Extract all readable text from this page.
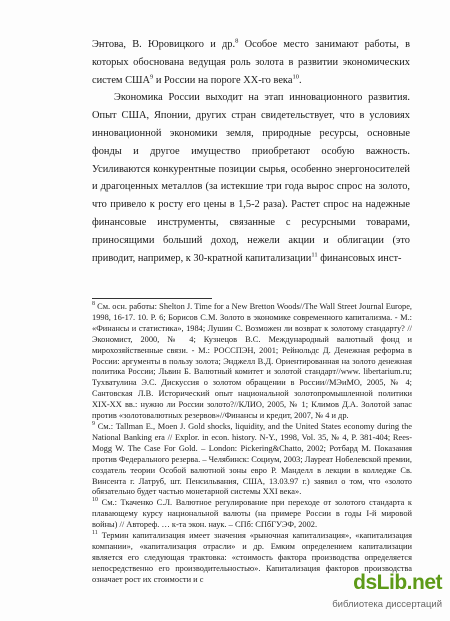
Энтова, В. Юровицкого и др.$^8$ Особое место занимают работы, в которых обоснована ведущая роль золота в развитии экономических систем США$^9$ и России на пороге XX-го века$^{10}$.

Экономика России выходит на этап инновационного развития. Опыт США, Японии, других стран свидетельствует, что в условиях инновационной экономики земля, природные ресурсы, основные фонды и другое имущество приобретают особую важность. Усиливаются конкурентные позиции сырья, особенно энергоносителей и драгоценных металлов (за истекшие три года вырос спрос на золото, что привело к росту его цены в 1,5-2 раза). Растет спрос на надежные финансовые инструменты, связанные с ресурсными товарами, приносящими больший доход, нежели акции и облигации (это приводит, например, к 30-кратной капитализации$^{11}$ финансовых инст-

$^8$ См. осн. работы: Shelton J. Time for a New Bretton Woods//The Wall Street Journal Europe, 1998, 16-17. 10. P. 6; Борисов С.М. Золото в экономике современного капитализма. - М.: «Финансы и статистика», 1984; Лушин С. Возможен ли возврат к золотому стандарту? // Экономист, 2000, № 4; Кузнецов В.С. Международный валютный фонд и мирохозяйственные связи. - М.: РОССПЭН, 2001; Рейнольдс Д. Денежная реформа в России: аргументы в пользу золота; Энджелл В.Д. Ориентированная на золото денежная политика России; Львин Б. Валютный комитет и золотой стандарт//www. libertarium.ru; Тухватулина Э.С. Дискуссия о золотом обращении в России//МЭиМО, 2005, № 4; Сантовская Л.В. Исторический опыт национальной золотопромышленной политики XIX-XX вв.: нужно ли России золото?//КЛИО, 2005, № 1; Климов Д.А. Золотой запас против «золотовалютных резервов»//Финансы и кредит, 2007, № 4 и др.

$^9$ См.: Tallman E., Moen J. Gold shocks, liquidity, and the United States economy during the National Banking era // Explor. in econ. history. N-Y., 1998, Vol. 35, № 4, P. 381-404; Rees-Mogg W. The Case For Gold. – London: Pickering&Chatto, 2002; Ротбард М. Показания против Федерального резерва. – Челябинск: Социум, 2003; Лауреат Нобелевской премии, создатель теории Особой валютной зоны евро Р. Манделл в лекции в колледже Св. Винсента г. Латруб, шт. Пенсильвания, США, 13.03.97 г.) заявил о том, что «золото обязательно будет частью монетарной системы XXI века».

$^{10}$ См.: Ткаченко С.Л. Валютное регулирование при переходе от золотого стандарта к плавающему курсу национальной валюты (на примере России в годы I-й мировой войны) // Автореф. … к-та экон. наук. – СПб: СПбГУЭФ, 2002.

$^{11}$ Термин капитализация имеет значения «рыночная капитализация», «капитализация компании», «капитализация отрасли» и др. Емким определением капитализации является его следующая трактовка: «стоимость фактора производства определяется непосредственно его производительностью». Капитализация факторов производства означает рост их стоимости и с	dsLib.net
библиотека диссертаций
